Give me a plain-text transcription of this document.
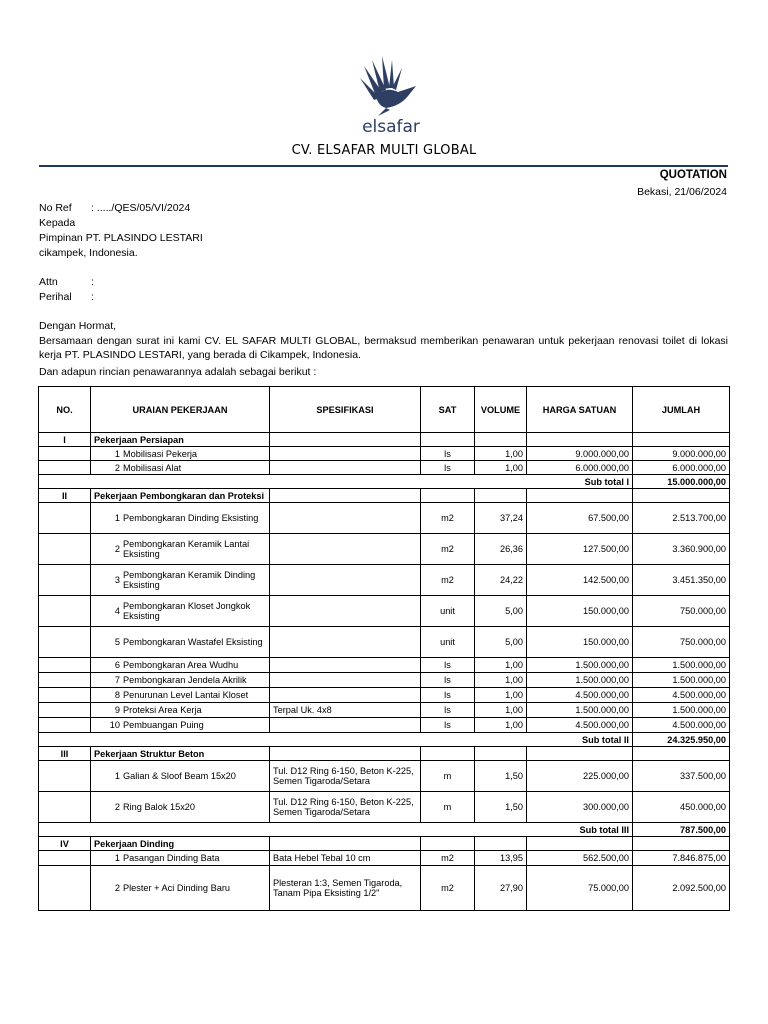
elsafar
CV. ELSAFAR MULTI GLOBAL
QUOTATION
Bekasi, 21/06/2024
No Ref	: ...../QES/05/VI/2024
Kepada
Pimpinan PT. PLASINDO LESTARI
cikampek, Indonesia.
Attn	:
Perihal	:
Dengan Hormat,
Bersamaan dengan surat ini kami CV. EL SAFAR MULTI GLOBAL, bermaksud memberikan penawaran untuk pekerjaan renovasi toilet di lokasi kerja PT. PLASINDO LESTARI, yang berada di Cikampek, Indonesia.
Dan adapun rincian penawarannya adalah sebagai berikut :
NO.	URAIAN PEKERJAAN	SPESIFIKASI	SAT	VOLUME	HARGA SATUAN	JUMLAH
I	Pekerjaan Persiapan					

	1 Mobilisasi Pekerja		ls	1,00	9.000.000,00	9.000.000,00

	2 Mobilisasi Alat		ls	1,00	6.000.000,00	6.000.000,00
Sub total I						15.000.000,00
II	Pekerjaan Pembongkaran dan Proteksi					

	1 Pembongkaran Dinding Eksisting		m2	37,24	67.500,00	2.513.700,00

	2 Pembongkaran Keramik Lantai Eksisting		m2	26,36	127.500,00	3.360.900,00

	3 Pembongkaran Keramik Dinding Eksisting		m2	24,22	142.500,00	3.451.350,00

	4 Pembongkaran Kloset Jongkok Eksisting		unit	5,00	150.000,00	750.000,00

	5 Pembongkaran Wastafel Eksisting		unit	5,00	150.000,00	750.000,00

	6 Pembongkaran Area Wudhu		ls	1,00	1.500.000,00	1.500.000,00

	7 Pembongkaran Jendela Akrilik		ls	1,00	1.500.000,00	1.500.000,00

	8 Penurunan Level Lantai Kloset		ls	1,00	4.500.000,00	4.500.000,00

	9 Proteksi Area Kerja	Terpal Uk. 4x8	ls	1,00	1.500.000,00	1.500.000,00

	10 Pembuangan Puing		ls	1,00	4.500.000,00	4.500.000,00
Sub total II						24.325.950,00
III	Pekerjaan Struktur Beton					

	1 Galian & Sloof Beam 15x20	Tul. D12 Ring 6-150, Beton K-225, Semen Tigaroda/Setara	m	1,50	225.000,00	337.500,00

	2 Ring Balok 15x20	Tul. D12 Ring 6-150, Beton K-225, Semen Tigaroda/Setara	m	1,50	300.000,00	450.000,00
Sub total III						787.500,00
IV	Pekerjaan Dinding					

	1 Pasangan Dinding Bata	Bata Hebel Tebal 10 cm	m2	13,95	562.500,00	7.846.875,00

	2 Plester + Aci Dinding Baru	Plesteran 1:3, Semen Tigaroda, Tanam Pipa Eksisting 1/2"	m2	27,90	75.000,00	2.092.500,00
